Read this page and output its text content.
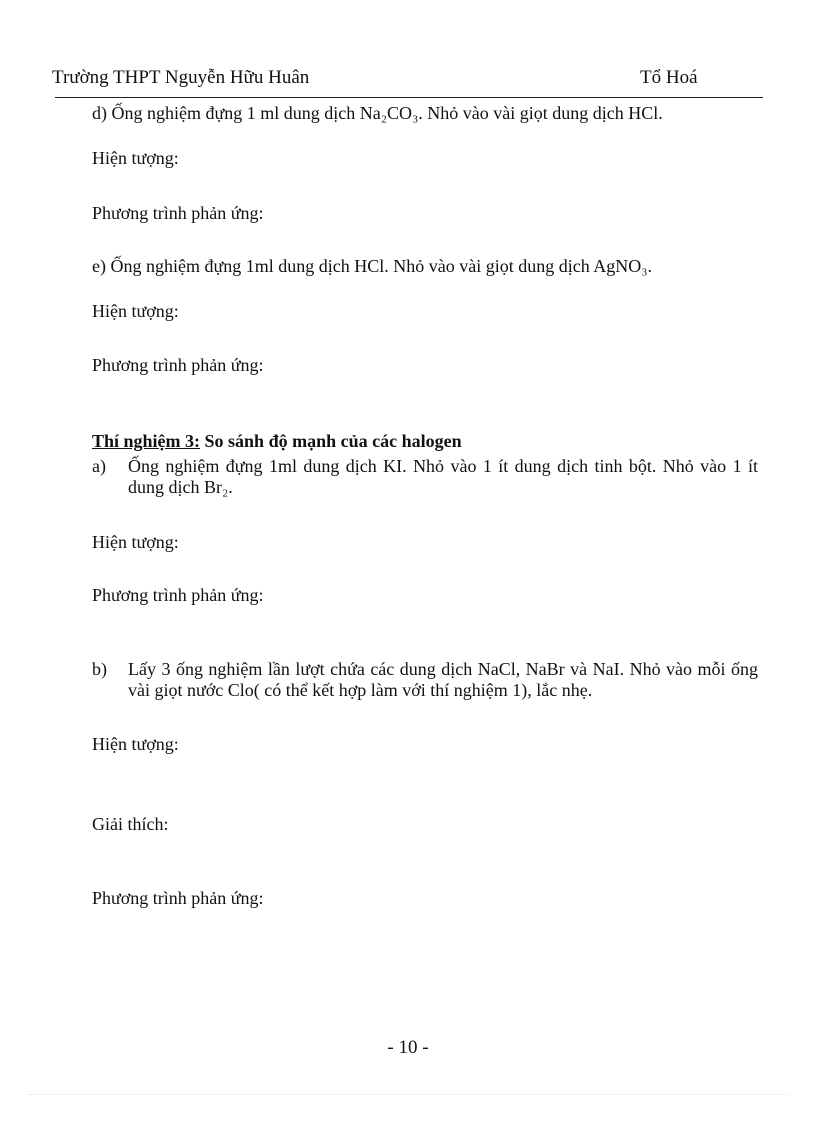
Trường THPT Nguyễn Hữu Huân	Tổ Hoá
d) Ống nghiệm đựng 1 ml dung dịch Na₂CO₃. Nhỏ vào vài giọt dung dịch HCl.
Hiện tượng:
Phương trình phản ứng:
e) Ống nghiệm đựng 1ml dung dịch HCl. Nhỏ vào vài giọt dung dịch AgNO₃.
Hiện tượng:
Phương trình phản ứng:
Thí nghiệm 3: So sánh độ mạnh của các halogen
a) Ống nghiệm đựng 1ml dung dịch KI. Nhỏ vào 1 ít dung dịch tinh bột. Nhỏ vào 1 ít dung dịch Br₂.
Hiện tượng:
Phương trình phản ứng:
b) Lấy 3 ống nghiệm lần lượt chứa các dung dịch NaCl, NaBr và NaI. Nhỏ vào mỗi ống vài giọt nước Clo( có thể kết hợp làm với thí nghiệm 1), lắc nhẹ.
Hiện tượng:
Giải thích:
Phương trình phản ứng:
- 10 -
